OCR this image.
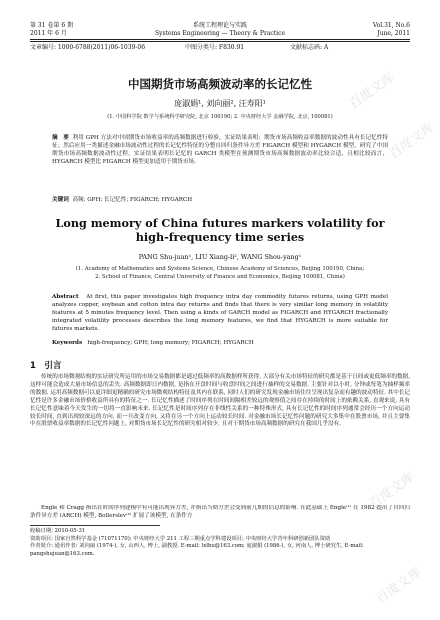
第 31 卷第 6 期
2011 年 6 月
系统工程理论与实践
Systems Engineering — Theory & Practice
Vol.31, No.6
June, 2011
文章编号: 1000-6788(2011)06-1039-06	中图分类号: F830.91	文献标志码: A
中国期货市场高频波动率的长记忆性
庞淑娟¹, 刘向丽², 汪寿阳¹
(1. 中国科学院 数学与系统科学研究院, 北京 100190; 2. 中央财经大学 金融学院, 北京, 100081)
摘　要 利用 GPH 方法对中国期货市场收益率的高频数据进行检验，实证结果表明：期货市场高频收益率数据的波动性具有长记忆性特征；然后应用一类描述金融市场波动性过程的长记忆性特征的分整自回归条件异方差 FIGARCH 模型和 HYGARCH 模型，研究了中国期货市场高频数据波动性过程，实证结果表明长记忆的 GARCH 类模型在预测期货市场高频数据波动率比较合适，且相比较而言，HYGARCH 模型比 FIGARCH 模型更加适用于期货市场.
关键词 高频; GPH; 长记忆性; FIGARCH; HYGARCH
Long memory of China futures markers volatility for
high-frequency time series
PANG Shu-juan¹, LIU Xiang-li², WANG Shou-yang¹
(1. Academy of Mathematics and Systems Science, Chinese Academy of Sciences, Beijing 100190, China;
2. School of Finance, Central University of Finance and Economics, Beijing 100081, China)
Abstract At first, this paper investigates high frequency intra day commodity futures returns, using GPH model analyzes copper, soybean and cotton intra day returns and finds that there is very similar long memory in volatility features at 5 minutes frequency level. Then using a kinds of GARCH model as FIGARCH and HYGARCH fractionally integrated volatility processes describes the long memory features, we find that HYGARCH is more suitable for futures markets.
Keywords high-frequency; GPH; long memory; FIGARCH; HYGARCH
1　引言
传统的市场微观结构的实证研究所运用的市场交易数据都是通过低频率的高数据样所获得, 大部分有关市场特征的研究都是基于日间或更低频率的数据, 这样可能会造成大量市场信息的丢失. 高频数据即日内数据, 是指在开盘时间与收盘时间之间进行抽样的交易数据. 主要针对以小时, 分钟或每笔为抽样频率的数据. 运用高频数据可以更详细更精确的研究市场微观结构特征及其内在联系, 同时人们的研究发现金融市场往往呈现出复杂而有趣的波动特征. 其中长记忆性是许多金融市场价格收益所具有的特征之一. 长记忆性描述了时间序列在时间间隔相差较远的观察值之间存在持续的时间上的依赖关系, 直观来说, 具有长记忆性意味着今天发生的一切将一直影响未来. 长记忆性是时间序列存在非线性关系的一种特殊形式, 具有长记忆性的时间序列通常会经历一个方向运动较长时间, 直到出现较深远的方向, 而一旦改变方向, 又将在另一个方向上运动较长时间. 对金融市场长记忆性问题的研究大多集中在股票市场, 并且主要集中在股票收益率数据的长记忆性问题上, 对期货市场长记忆性的研究相对较少, 且对于期货市场高频数据的研究在我国几乎没有.
Engle 和 Cragg 指出在时间序列建模中有可能出现异方差, 并指出当期方差会受到前几期的信息的影响. 在此基础上 Engle⁽¹⁾ 在 1982 提出了自回归条件异方差 (ARCH) 模型, Bollerslev⁽²⁾ 扩展了该模型, 在条件方
收稿日期: 2010-05-31
资助项目: 国家自然科学基金 (71071170); 中央财经大学 211 工程三期重点学科建设项目; 中央财经大学青年科研创新团队资助
作者简介: 通讯作者: 刘向丽 (1974-), 女, 山西人, 博士, 副教授. E-mail: lxlbu@163.com; 庞淑娟 (1986-), 女, 河南人, 博士研究生, E-mail: pangshujuan@163.com.
百度文库
百度文库
百度文库
百度文库
